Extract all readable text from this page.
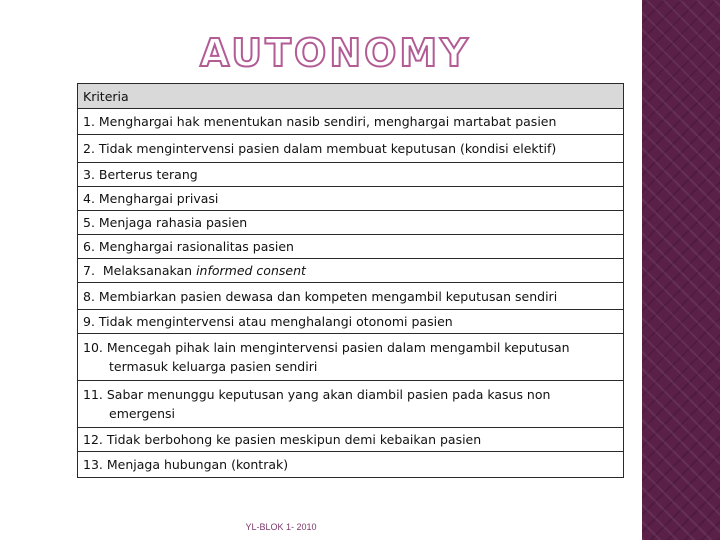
AUTONOMY
Kriteria
1. Menghargai hak menentukan nasib sendiri, menghargai martabat pasien
2. Tidak mengintervensi pasien dalam membuat keputusan (kondisi elektif)
3. Berterus terang
4. Menghargai privasi
5. Menjaga rahasia pasien
6. Menghargai rasionalitas pasien
7.  Melaksanakan informed consent
8. Membiarkan pasien dewasa dan kompeten mengambil keputusan sendiri
9. Tidak mengintervensi atau menghalangi otonomi pasien
10. Mencegah pihak lain mengintervensi pasien dalam mengambil keputusan
termasuk keluarga pasien sendiri

11. Sabar menunggu keputusan yang akan diambil pasien pada kasus non
emergensi

12. Tidak berbohong ke pasien meskipun demi kebaikan pasien
13. Menjaga hubungan (kontrak)
YL-BLOK 1- 2010
